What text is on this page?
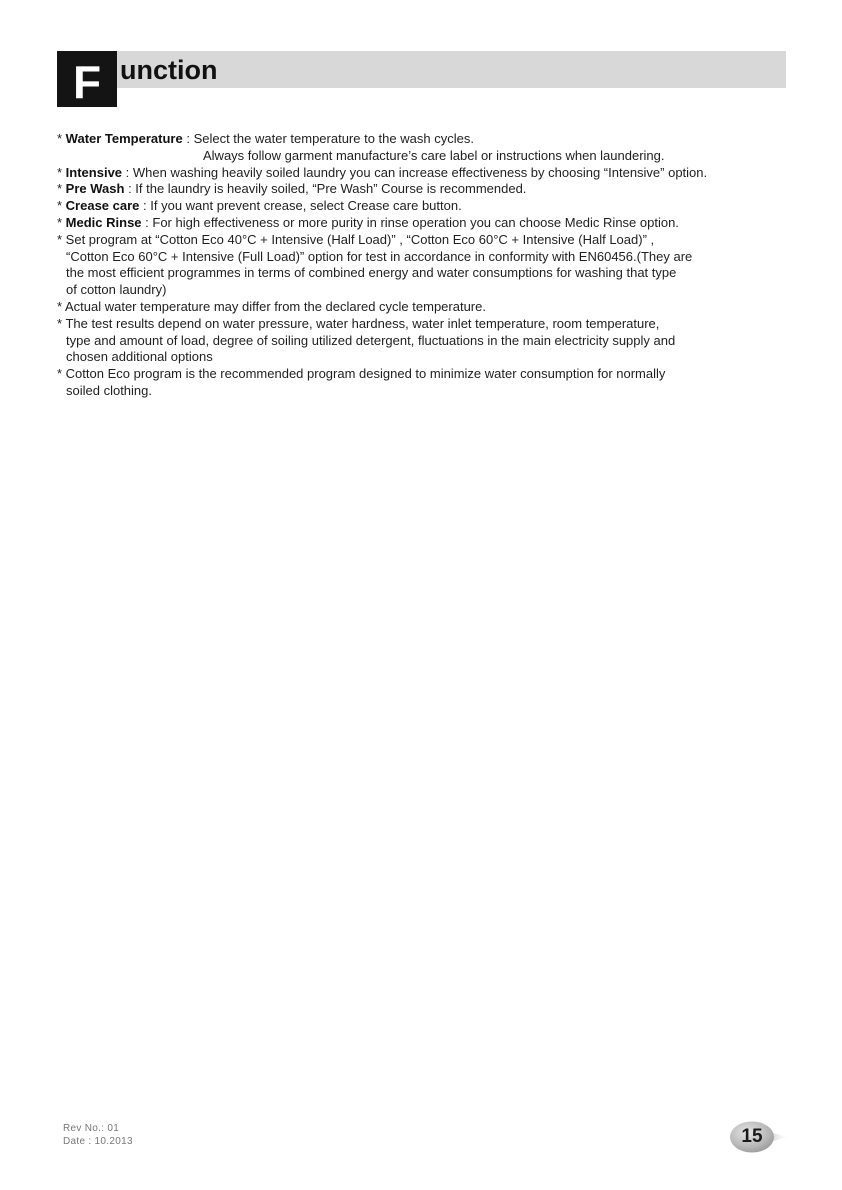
F unction

* Water Temperature : Select the water temperature to the wash cycles.

Always follow garment manufacture’s care label or instructions when laundering.

* Intensive : When washing heavily soiled laundry you can increase effectiveness by choosing “Intensive” option.

* Pre Wash : If the laundry is heavily soiled, “Pre Wash” Course is recommended.

* Crease care : If you want prevent crease, select Crease care button.

* Medic Rinse : For high effectiveness or more purity in rinse operation you can choose Medic Rinse option.

* Set program at “Cotton Eco 40°C + Intensive (Half Load)” , “Cotton Eco 60°C + Intensive (Half Load)” ,

“Cotton Eco 60°C + Intensive (Full Load)” option for test in accordance in conformity with EN60456.(They are

the most efficient programmes in terms of combined energy and water consumptions for washing that type

of cotton laundry)

* Actual water temperature may differ from the declared cycle temperature.

* The test results depend on water pressure, water hardness, water inlet temperature, room temperature,

type and amount of load, degree of soiling utilized detergent, fluctuations in the main electricity supply and

chosen additional options

* Cotton Eco program is the recommended program designed to minimize water consumption for normally

soiled clothing.

Rev No.: 01
Date : 10.2013	15
